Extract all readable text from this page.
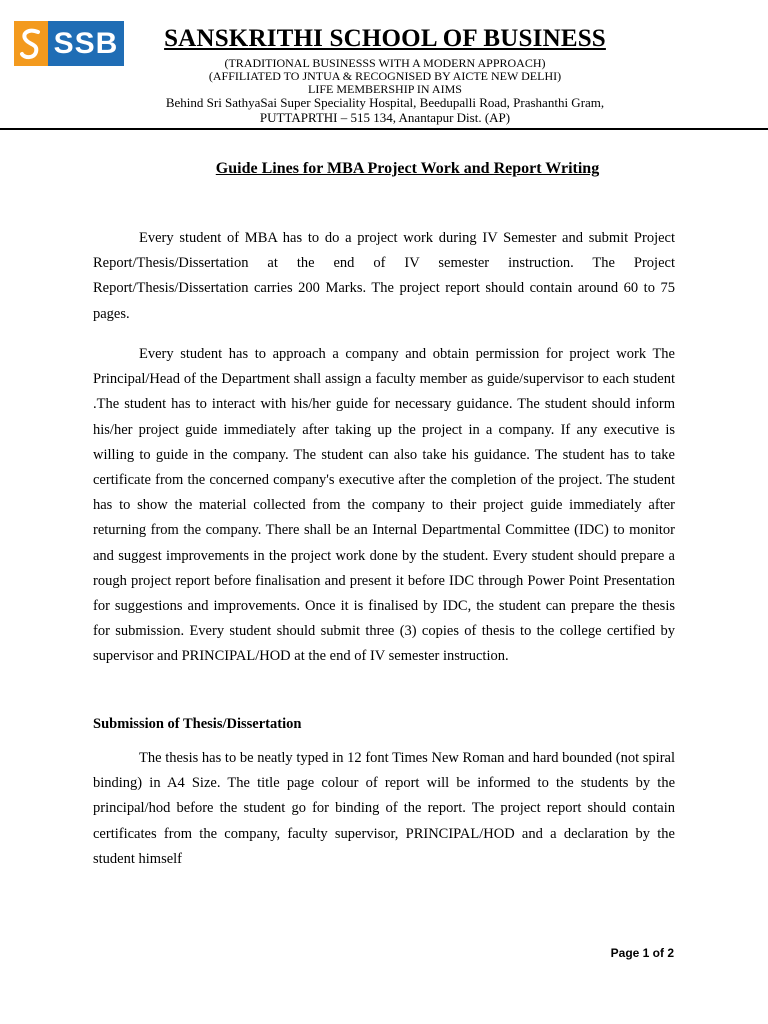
SSB	SANSKRITHI SCHOOL OF BUSINESS
(TRADITIONAL BUSINESSS WITH A MODERN APPROACH)
(AFFILIATED TO JNTUA & RECOGNISED BY AICTE NEW DELHI)
LIFE MEMBERSHIP IN AIMS
Behind Sri SathyaSai Super Speciality Hospital, Beedupalli Road, Prashanthi Gram,
PUTTAPRTHI – 515 134, Anantapur Dist. (AP)
Guide Lines for MBA Project Work and Report Writing

Every student of MBA has to do a project work during IV Semester and submit Project Report/Thesis/Dissertation at the end of IV semester instruction. The Project Report/Thesis/Dissertation carries 200 Marks. The project report should contain around 60 to 75 pages.

Every student has to approach a company and obtain permission for project work The Principal/Head of the Department shall assign a faculty member as guide/supervisor to each student .The student has to interact with his/her guide for necessary guidance. The student should inform his/her project guide immediately after taking up the project in a company. If any executive is willing to guide in the company. The student can also take his guidance. The student has to take certificate from the concerned company's executive after the completion of the project. The student has to show the material collected from the company to their project guide immediately after returning from the company. There shall be an Internal Departmental Committee (IDC) to monitor and suggest improvements in the project work done by the student. Every student should prepare a rough project report before finalisation and present it before IDC through Power Point Presentation for suggestions and improvements. Once it is finalised by IDC, the student can prepare the thesis for submission. Every student should submit three (3) copies of thesis to the college certified by supervisor and PRINCIPAL/HOD at the end of IV semester instruction.

Submission of Thesis/Dissertation

The thesis has to be neatly typed in 12 font Times New Roman and hard bounded (not spiral binding) in A4 Size. The title page colour of report will be informed to the students by the principal/hod before the student go for binding of the report. The project report should contain certificates from the company, faculty supervisor, PRINCIPAL/HOD and a declaration by the student himself

Page 1 of 2
